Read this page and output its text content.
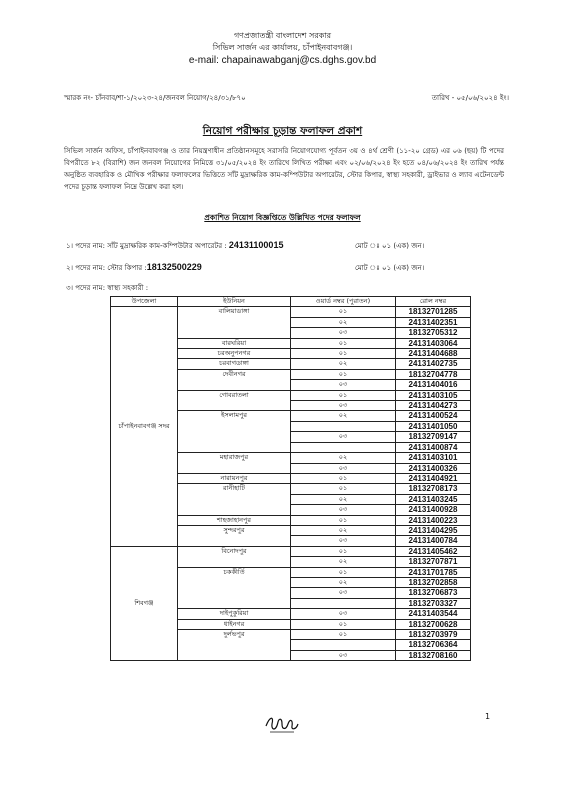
গণপ্রজাতন্ত্রী বাংলাদেশ সরকার
সিভিল সার্জন এর কার্যালয়, চাঁপাইনবাবগঞ্জ।
e-mail: chapainawabganj@cs.dghs.gov.bd
স্মারক নং- চাঁনবাব/শা-১/২০২৩-২৪/জনবল নিয়োগ/২৪/৩১/৮৭০	তারিখ - ০৫/০৬/২০২৪ ইং।
নিয়োগ পরীক্ষার চূড়ান্ত ফলাফল প্রকাশ
সিভিল সার্জন অফিস, চাঁপাইনবাবগঞ্জ ও তার নিয়ন্ত্রণাধীন প্রতিষ্ঠানসমূহে সরাসরি নিয়োগযোগ্য পূর্বতন ৩য় ও ৪র্থ শ্রেণী (১১-২০ গ্রেড) এর ০৬ (ছয়) টি পদের বিপরীতে ৮২ (বিরাশি) জন জনবল নিয়োগের নিমিত্তে ৩১/০৫/২০২৪ ইং তারিখে লিখিত পরীক্ষা এবং ০২/০৬/২০২৪ ইং হতে ০৪/০৬/২০২৪ ইং তারিখ পর্যন্ত অনুষ্ঠিত ব্যবহারিক ও মৌখিক পরীক্ষার ফলাফলের ভিত্তিতে সাঁট মুদ্রাক্ষরিক কাম-কম্পিউটার অপারেটর, স্টোর কিপার, স্বাস্থ্য সহকারী, ড্রাইভার ও ল্যাব এটেনডেন্ট পদের চূড়ান্ত ফলাফল নিম্নে উল্লেখ করা হল।
প্রকাশিত নিয়োগ বিজ্ঞপ্তিতে উল্লিখিত পদের ফলাফল
১। পদের নাম: সাঁট মুদ্রাক্ষরিক কাম-কম্পিউটার অপারেটর : 24131100015	মোট ঃ ০১ (এক) জন।
২। পদের নাম: স্টোর কিপার :18132500229	মোট ঃ ০১ (এক) জন।
৩। পদের নাম: স্বাস্থ্য সহকারী :
উপজেলা	ইউনিয়ন	ওয়ার্ড নম্বর (পুরাতন)	রোল নম্বর
চাঁপাইনবাবগঞ্জ সদর	বালিয়াডাঙ্গা	০১	18132701285
		০২	24131402351
		০৩	18132705312
	বারঘরিয়া	০১	24131403064
	চরঅনুপনগর	০১	24131404688
	চরবাগডাঙ্গা	০২	24131402735
	দেবীনগর	০১	18132704778
		০৩	24131404016
	গোবরাতলা	০১	24131403105
		০৩	24131404273
	ইসলামপুর	০২	24131400524
			24131401050
		০৩	18132709147
			24131400874
	মহারাজপুর	০২	24131403101
		০৩	24131400326
	নারায়নপুর	০১	24131404921
	রানীহাটি	০১	18132708173
		০২	24131403245
		০৩	24131400928
	শাহজাহানপুর	০১	24131400223
	সুন্দরপুর	০২	24131404295
		০৩	24131400784
শিবগঞ্জ	বিনোদপুর	০১	24131405462
		০২	18132707871
	চককীর্তি	০১	24131701785
		০২	18132702858
		০৩	18132706873
			18132703327
	দাইপুকুরিয়া	০৩	24131403544
	ধাইনগর	০১	18132700628
	দুর্লভপুর	০১	18132703979
			18132706364
		০৩	18132708160
1
